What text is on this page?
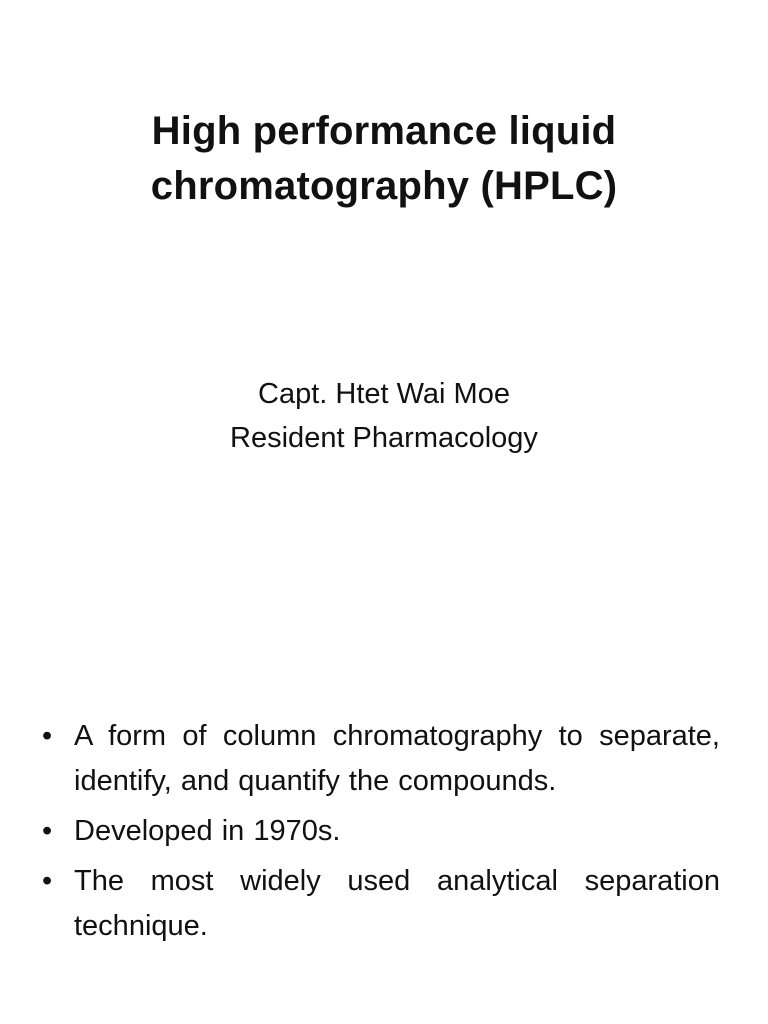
High performance liquid
chromatography (HPLC)
Capt. Htet Wai Moe
Resident Pharmacology
• A form of column chromatography to separate, identify, and quantify the compounds.
• Developed in 1970s.
• The most widely used analytical separation technique.
